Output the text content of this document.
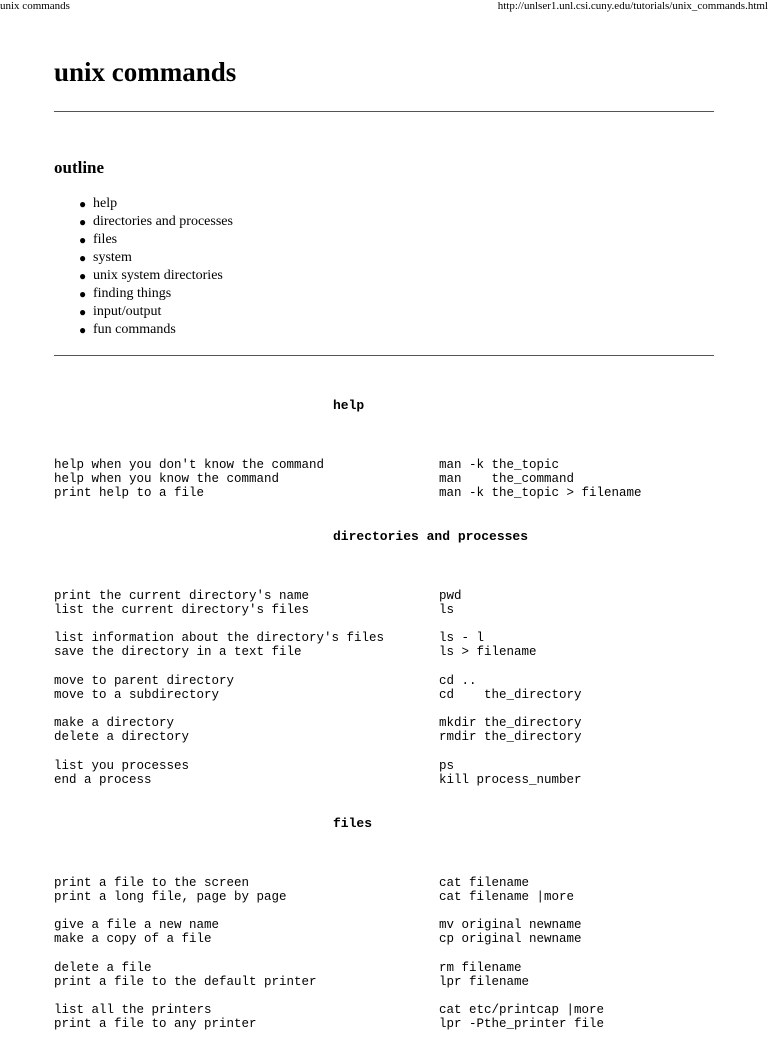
unix commands	http://unlser1.unl.csi.cuny.edu/tutorials/unix_commands.html
unix commands
outline
● help
● directories and processes
● files
● system
● unix system directories
● finding things
● input/output
● fun commands
help

help when you don't know the command

	man -k the_topic

help when you know the command

	man    the_command

print help to a file

	man -k the_topic > filename

directories and processes

print the current directory's name

	pwd

list the current directory's files

	ls

list information about the directory's files

	ls - l

save the directory in a text file

	ls > filename

move to parent directory

	cd ..

move to a subdirectory

	cd    the_directory

make a directory

	mkdir the_directory

delete a directory

	rmdir the_directory

list you processes

	ps

end a process

	kill process_number

files

print a file to the screen

	cat filename

print a long file, page by page

	cat filename |more

give a file a new name

	mv original newname

make a copy of a file

	cp original newname

delete a file

	rm filename

print a file to the default printer

	lpr filename

list all the printers

	cat etc/printcap |more

print a file to any printer

	lpr -Pthe_printer file
